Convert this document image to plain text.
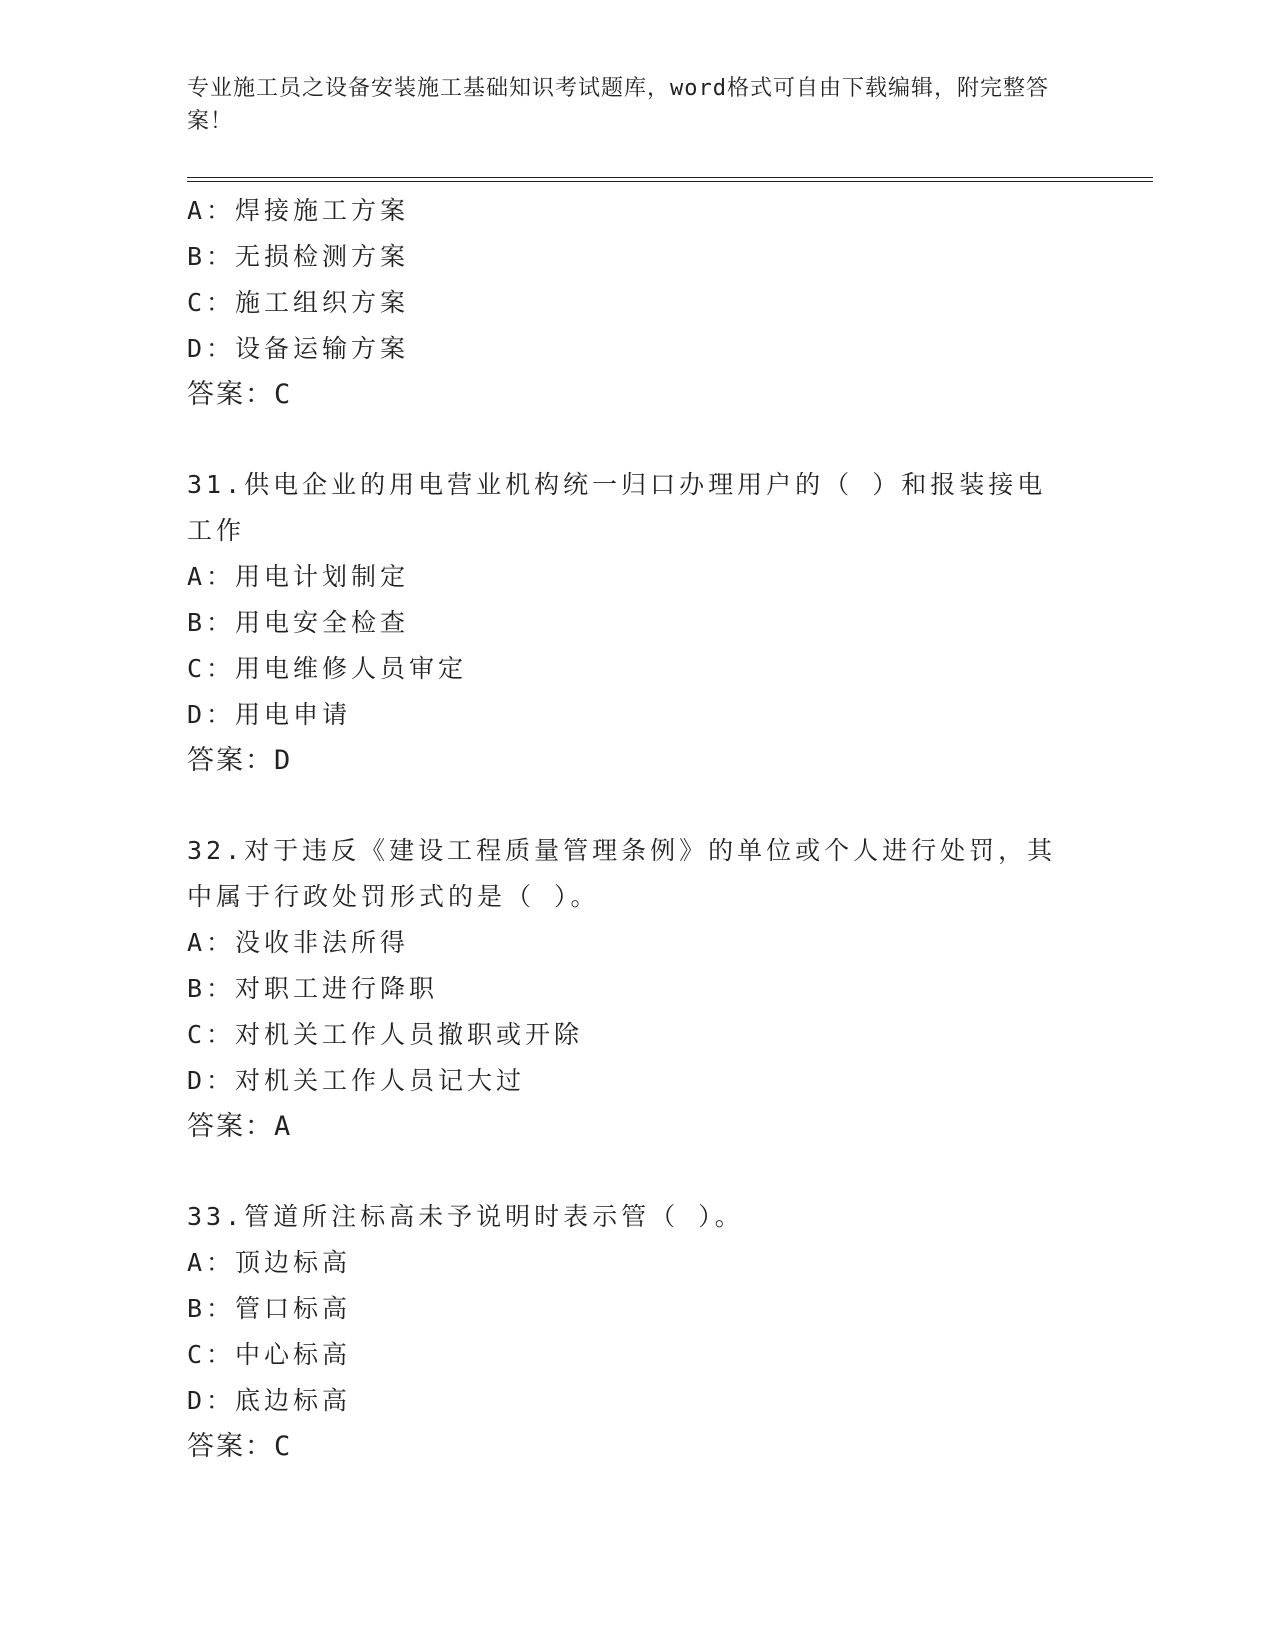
专业施工员之设备安装施工基础知识考试题库，word格式可自由下载编辑，附完整答案！
A：焊接施工方案
B：无损检测方案
C：施工组织方案
D：设备运输方案
答案：C
31.供电企业的用电营业机构统一归口办理用户的（ ）和报装接电工作
A：用电计划制定
B：用电安全检查
C：用电维修人员审定
D：用电申请
答案：D
32.对于违反《建设工程质量管理条例》的单位或个人进行处罚，其中属于行政处罚形式的是（ ）。
A：没收非法所得
B：对职工进行降职
C：对机关工作人员撤职或开除
D：对机关工作人员记大过
答案：A
33.管道所注标高未予说明时表示管（ ）。
A：顶边标高
B：管口标高
C：中心标高
D：底边标高
答案：C
